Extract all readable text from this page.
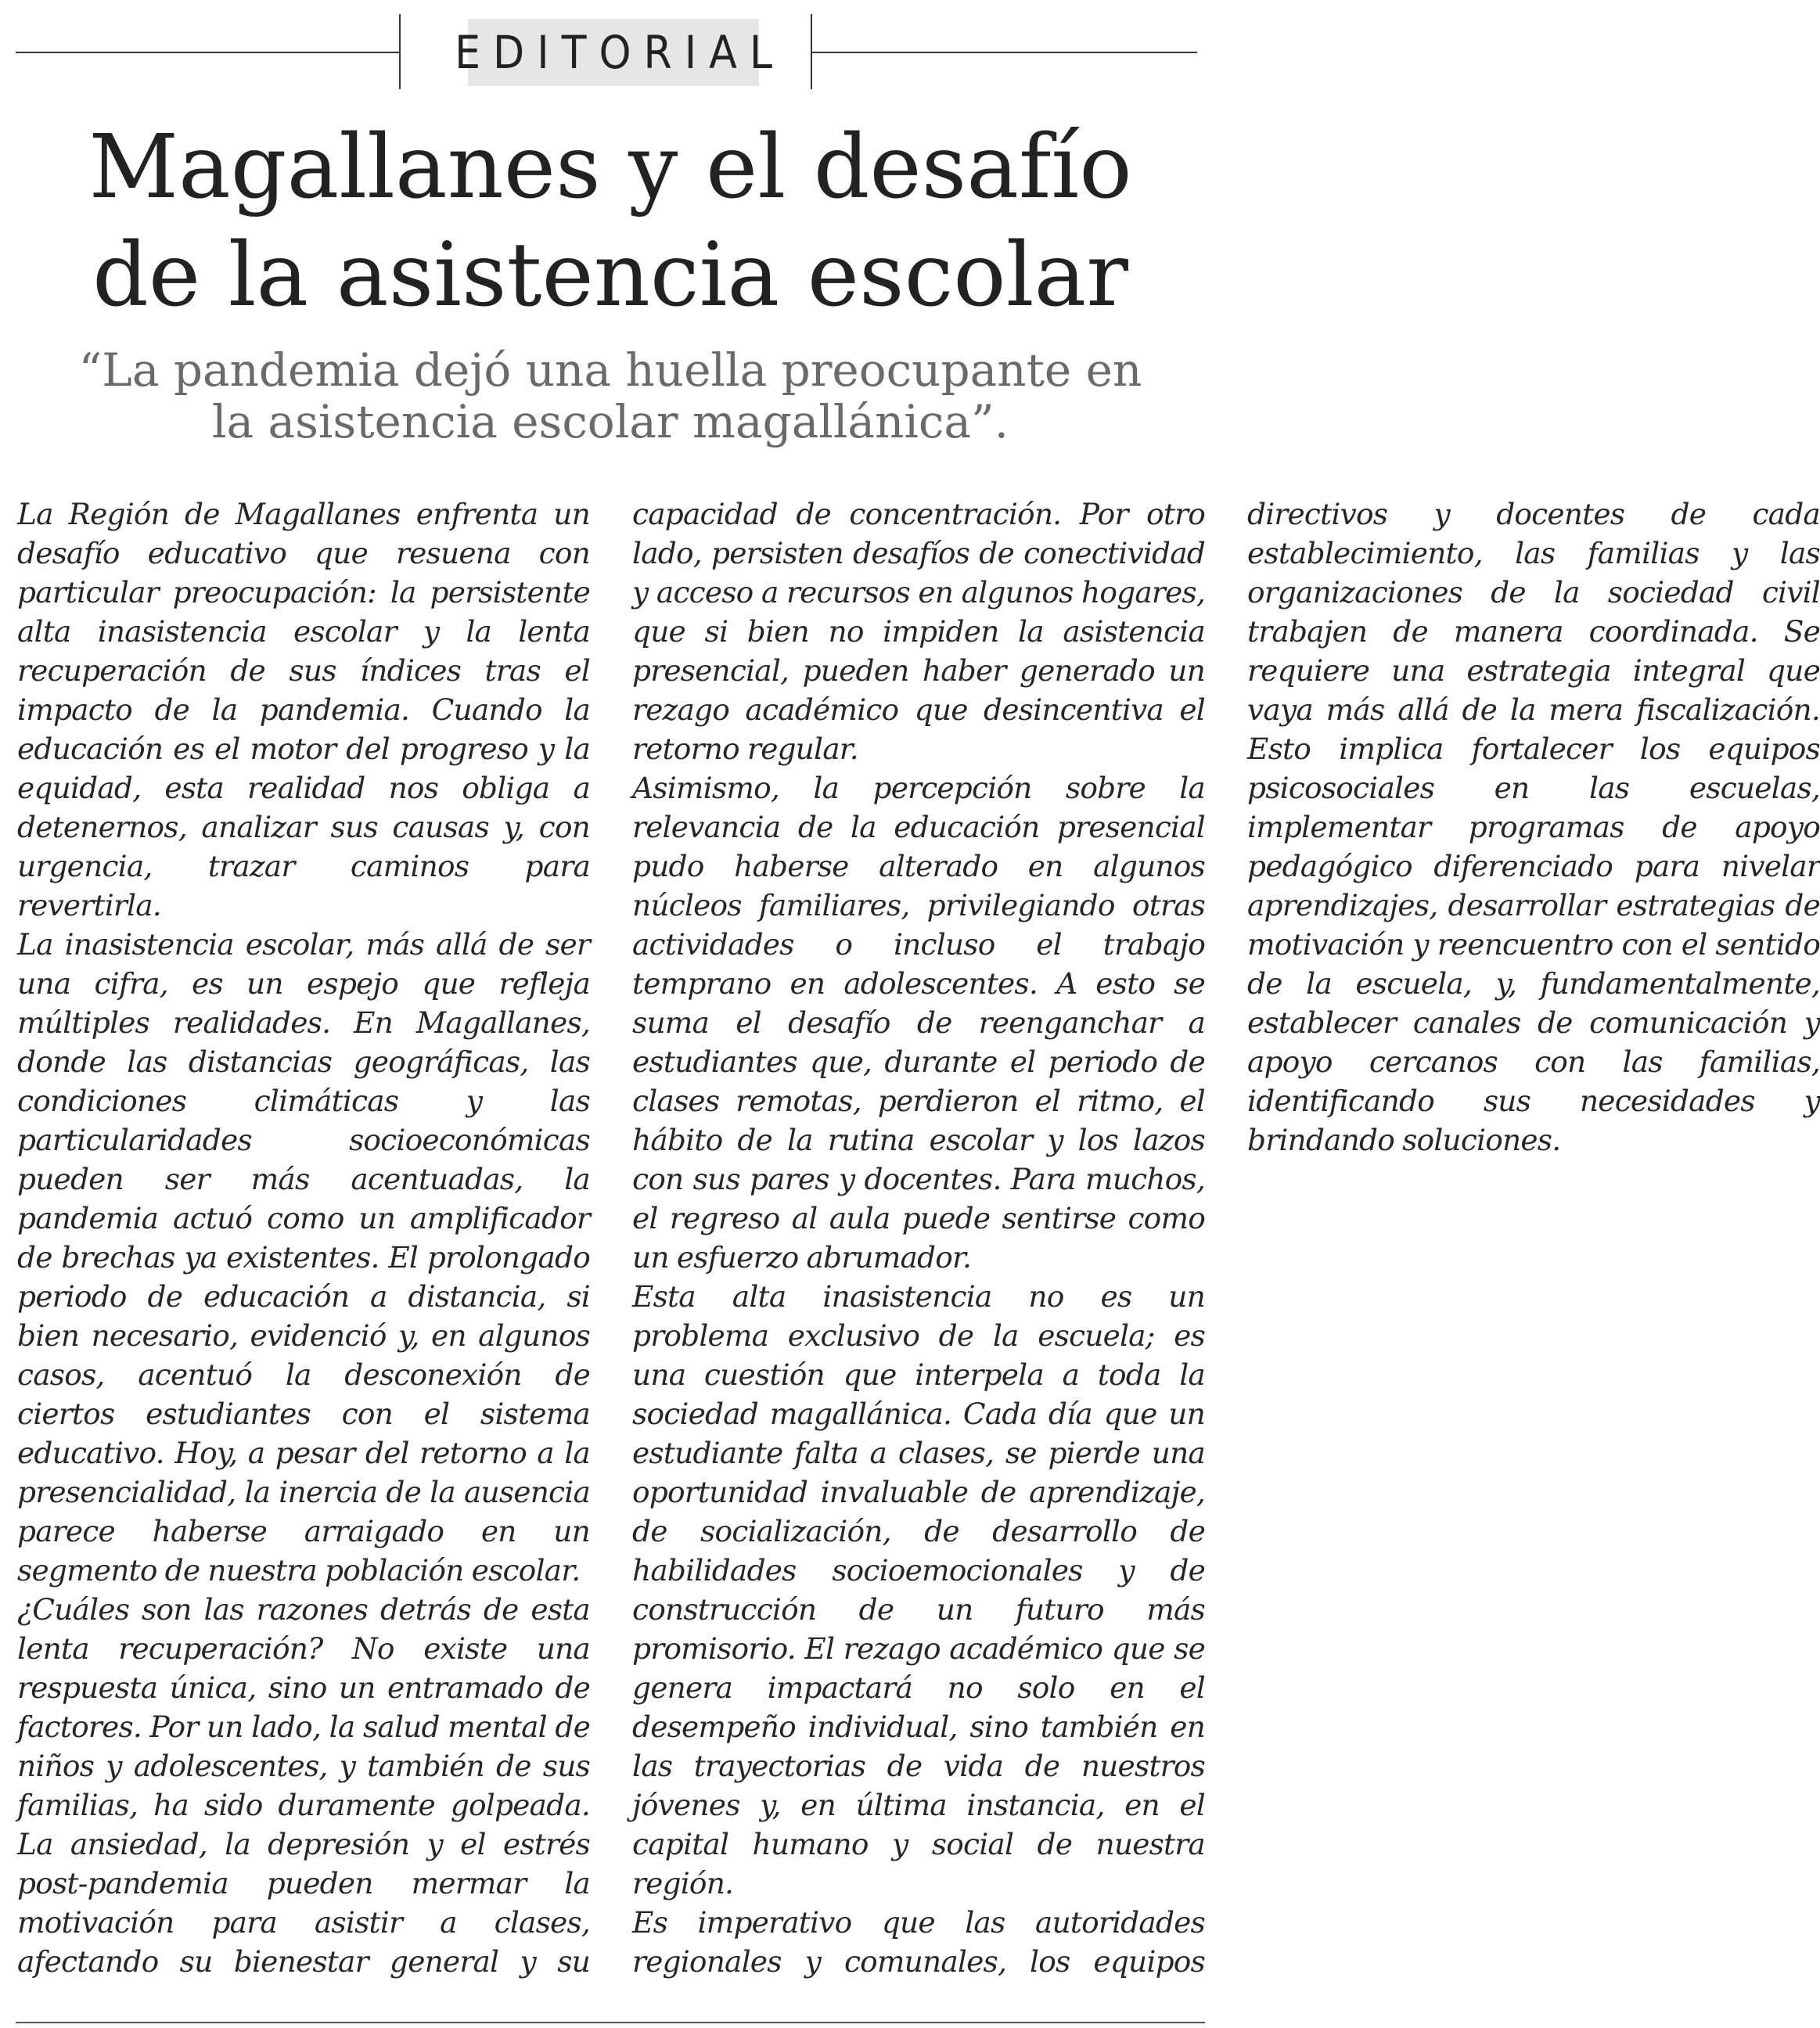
EDITORIAL
Magallanes y el desafío de la asistencia escolar

“La pandemia dejó una huella preocupante en la asistencia escolar magallánica”.

La Región de Magallanes enfrenta un desafío educativo que resuena con particular preocupación: la persistente alta inasistencia escolar y la lenta recuperación de sus índices tras el impacto de la pandemia. Cuando la educación es el motor del progreso y la equidad, esta realidad nos obliga a detenernos, analizar sus causas y, con urgencia, trazar caminos para revertirla.

La inasistencia escolar, más allá de ser una cifra, es un espejo que refleja múltiples realidades. En Magallanes, donde las distancias geográficas, las condiciones climáticas y las particularidades socioeconómicas pueden ser más acentuadas, la pandemia actuó como un amplificador de brechas ya existentes. El prolongado periodo de educación a distancia, si bien necesario, evidenció y, en algunos casos, acentuó la desconexión de ciertos estudiantes con el sistema educativo. Hoy, a pesar del retorno a la presencialidad, la inercia de la ausencia parece haberse arraigado en un segmento de nuestra población escolar.

¿Cuáles son las razones detrás de esta lenta recuperación? No existe una respuesta única, sino un entramado de factores. Por un lado, la salud mental de niños y adolescentes, y también de sus familias, ha sido duramente golpeada. La ansiedad, la depresión y el estrés post-pandemia pueden mermar la motivación para asistir a clases, afectando su bienestar general y su capacidad de concentración. Por otro lado, persisten desafíos de conectividad y acceso a recursos en algunos hogares, que si bien no impiden la asistencia presencial, pueden haber generado un rezago académico que desincentiva el retorno regular.

Asimismo, la percepción sobre la relevancia de la educación presencial pudo haberse alterado en algunos núcleos familiares, privilegiando otras actividades o incluso el trabajo temprano en adolescentes. A esto se suma el desafío de reenganchar a estudiantes que, durante el periodo de clases remotas, perdieron el ritmo, el hábito de la rutina escolar y los lazos con sus pares y docentes. Para muchos, el regreso al aula puede sentirse como un esfuerzo abrumador.

Esta alta inasistencia no es un problema exclusivo de la escuela; es una cuestión que interpela a toda la sociedad magallánica. Cada día que un estudiante falta a clases, se pierde una oportunidad invaluable de aprendizaje, de socialización, de desarrollo de habilidades socioemocionales y de construcción de un futuro más promisorio. El rezago académico que se genera impactará no solo en el desempeño individual, sino también en las trayectorias de vida de nuestros jóvenes y, en última instancia, en el capital humano y social de nuestra región.

Es imperativo que las autoridades regionales y comunales, los equipos directivos y docentes de cada establecimiento, las familias y las organizaciones de la sociedad civil trabajen de manera coordinada. Se requiere una estrategia integral que vaya más allá de la mera fiscalización. Esto implica fortalecer los equipos psicosociales en las escuelas, implementar programas de apoyo pedagógico diferenciado para nivelar aprendizajes, desarrollar estrategias de motivación y reencuentro con el sentido de la escuela, y, fundamentalmente, establecer canales de comunicación y apoyo cercanos con las familias, identificando sus necesidades y brindando soluciones.
